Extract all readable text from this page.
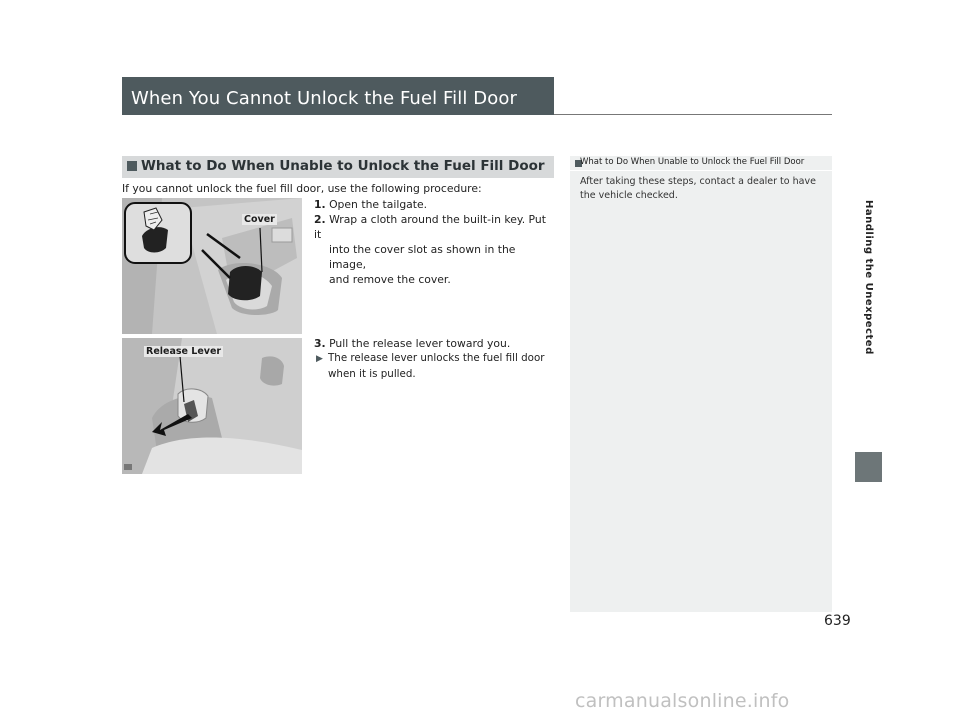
When You Cannot Unlock the Fuel Fill Door
What to Do When Unable to Unlock the Fuel Fill Door
If you cannot unlock the fuel fill door, use the following procedure:
1. Open the tailgate.
2. Wrap a cloth around the built-in key. Put it
into the cover slot as shown in the image,
and remove the cover.
3. Pull the release lever toward you.
▶ The release lever unlocks the fuel fill door
when it is pulled.
Cover
Release Lever
What to Do When Unable to Unlock the Fuel Fill Door
After taking these steps, contact a dealer to have the vehicle checked.
Handling the Unexpected
639
carmanualsonline.info
